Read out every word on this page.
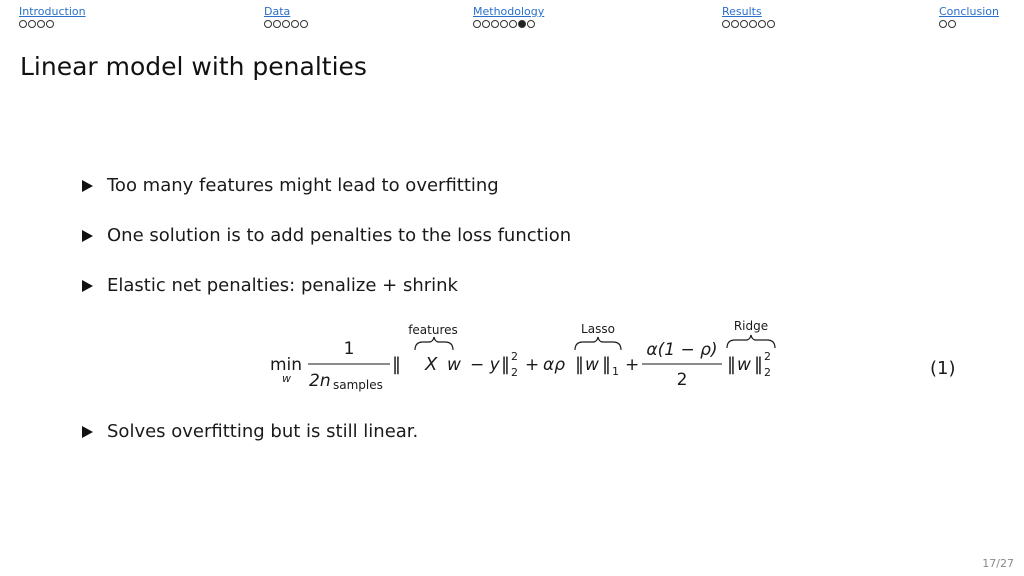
Introduction	Data	Methodology	Results	Conclusion
Linear model with penalties
Too many features might lead to overfitting
One solution is to add penalties to the loss function
Elastic net penalties: penalize + shrink
Solves overfitting but is still linear.
min
w
1
2n samples
‖
features
X w − y ‖ 2
2 + αρ
Lasso
‖ w ‖ 1 +
α(1 − ρ)
2
Ridge
‖ w ‖ 2
2	(1)
17/27
